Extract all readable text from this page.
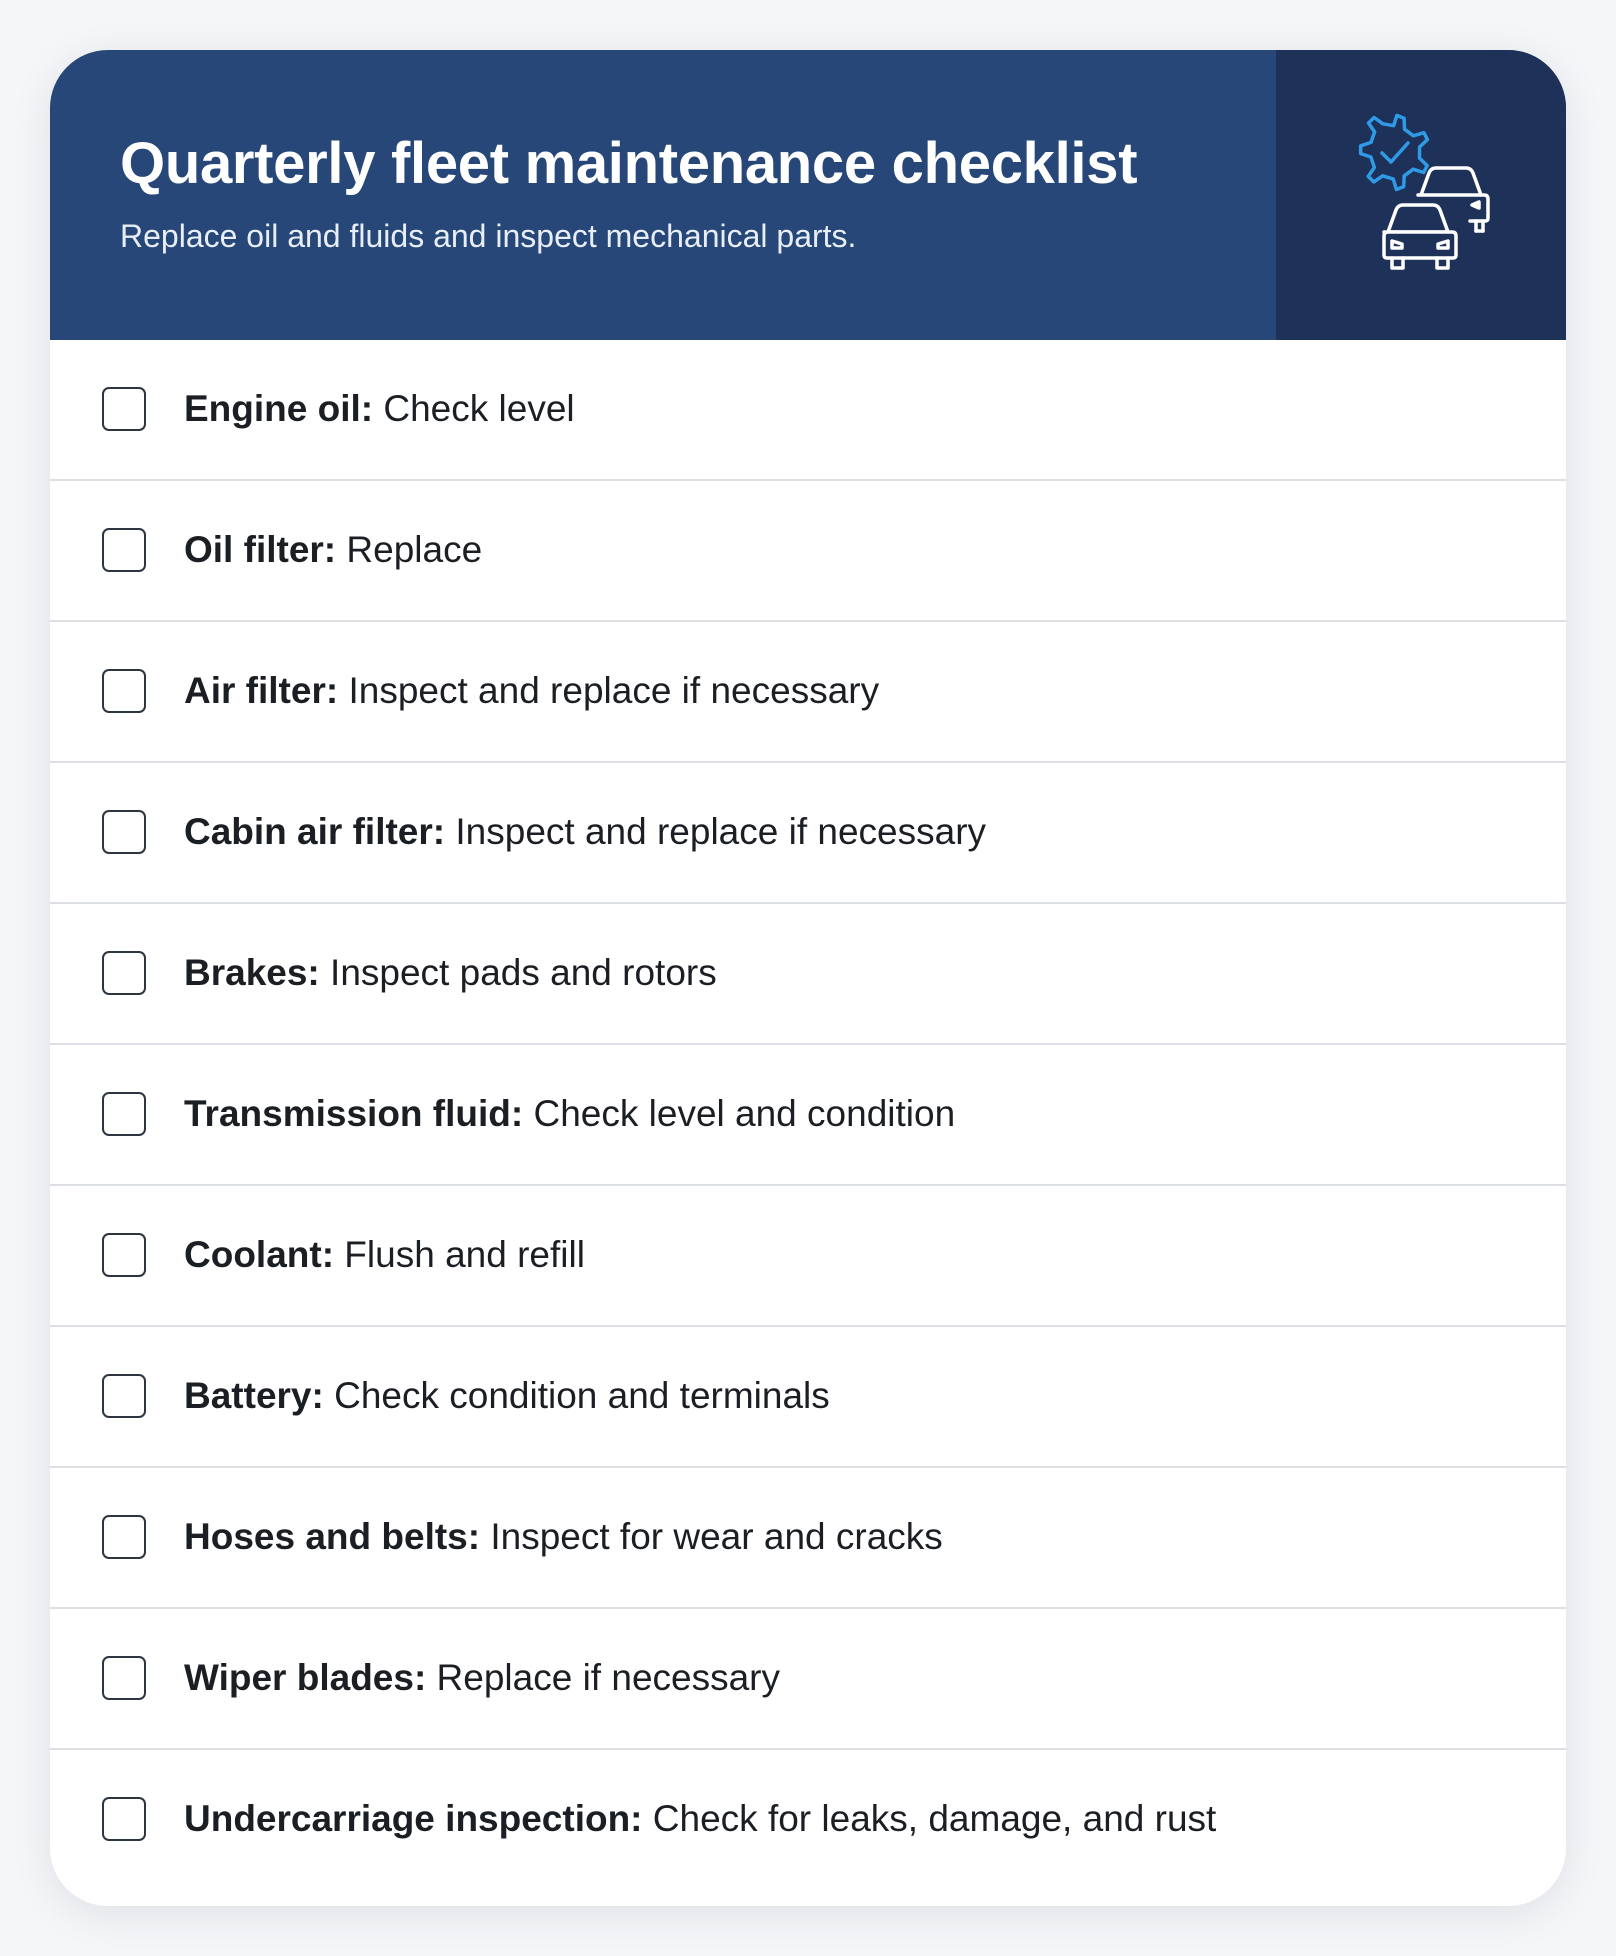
Quarterly fleet maintenance checklist

Replace oil and fluids and inspect mechanical parts.

Engine oil: Check level
Oil filter: Replace
Air filter: Inspect and replace if necessary
Cabin air filter: Inspect and replace if necessary
Brakes: Inspect pads and rotors
Transmission fluid: Check level and condition
Coolant: Flush and refill
Battery: Check condition and terminals
Hoses and belts: Inspect for wear and cracks
Wiper blades: Replace if necessary
Undercarriage inspection: Check for leaks, damage, and rust
